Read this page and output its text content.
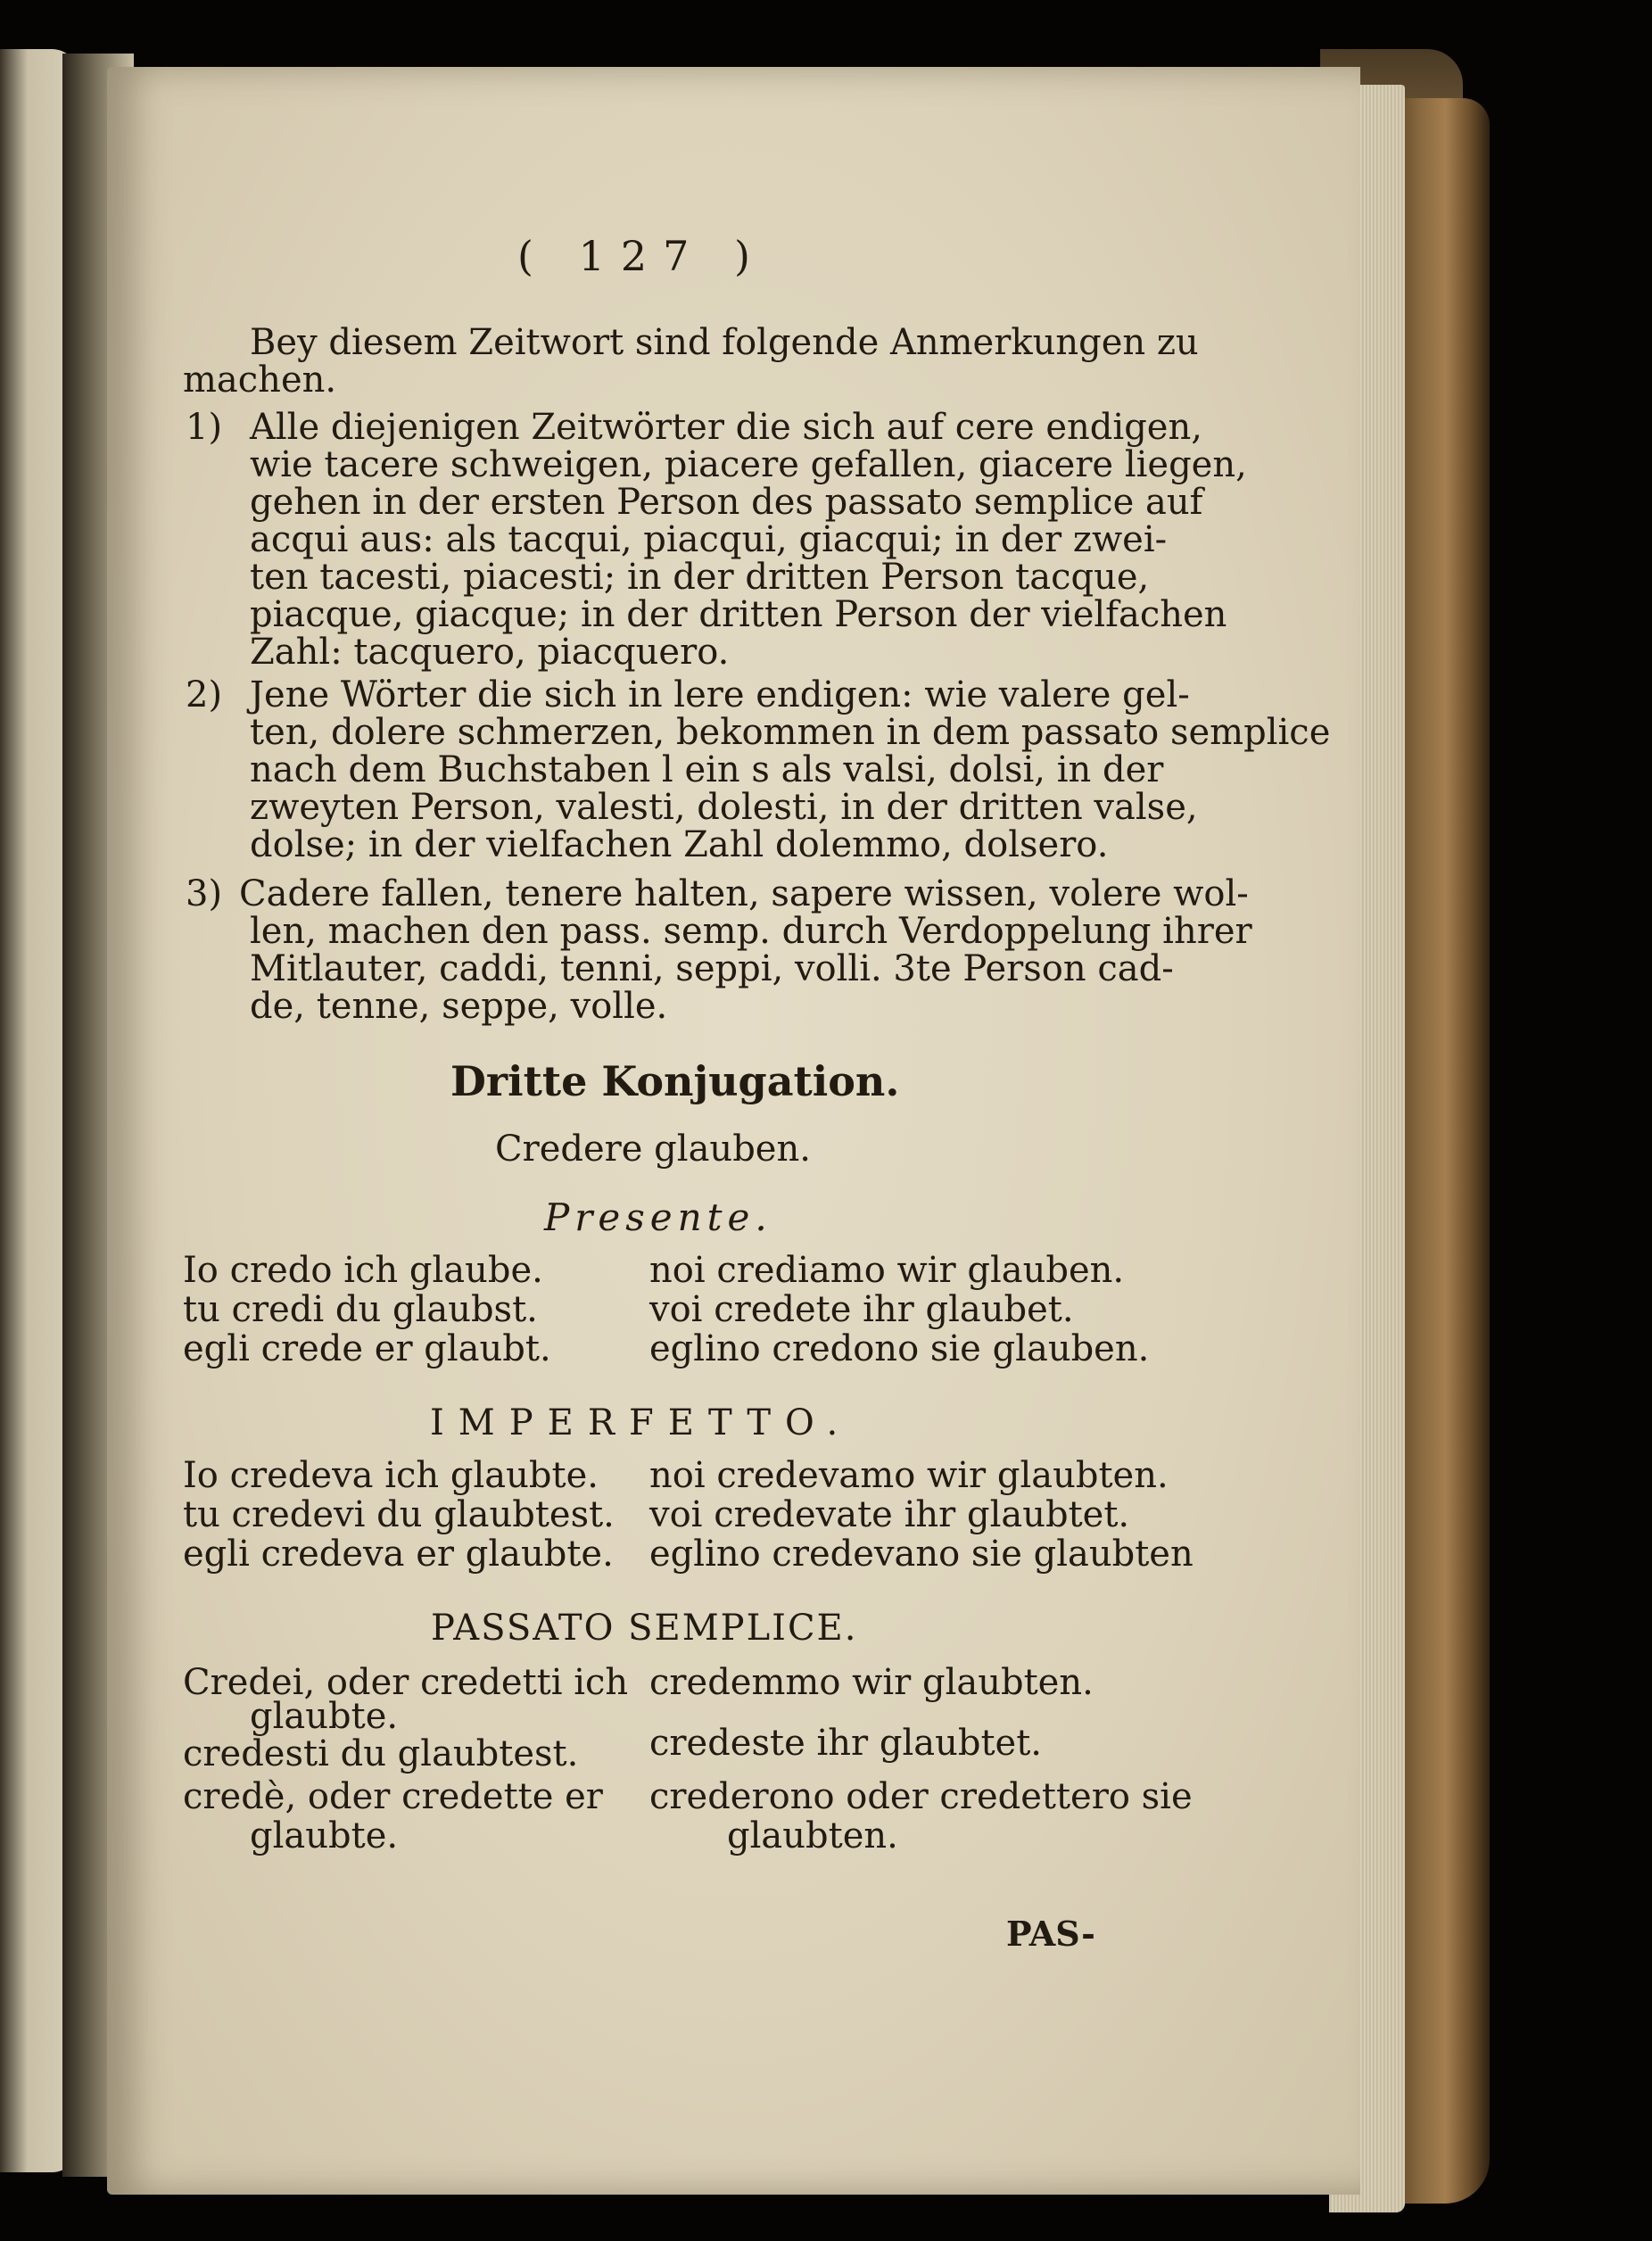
( 127 )
Bey diesem Zeitwort sind folgende Anmerkungen zu
machen.
1) Alle diejenigen Zeitwörter die sich auf cere endigen,
wie tacere schweigen, piacere gefallen, giacere liegen,
gehen in der ersten Person des passato semplice auf
acqui aus: als tacqui, piacqui, giacqui; in der zwei-
ten tacesti, piacesti; in der dritten Person tacque,
piacque, giacque; in der dritten Person der vielfachen
Zahl: tacquero, piacquero.
2) Jene Wörter die sich in lere endigen: wie valere gel-
ten, dolere schmerzen, bekommen in dem passato semplice
nach dem Buchstaben l ein s als valsi, dolsi, in der
zweyten Person, valesti, dolesti, in der dritten valse,
dolse; in der vielfachen Zahl dolemmo, dolsero.
3) Cadere fallen, tenere halten, sapere wissen, volere wol-
len, machen den pass. semp. durch Verdoppelung ihrer
Mitlauter, caddi, tenni, seppi, volli. 3te Person cad-
de, tenne, seppe, volle.
Dritte Konjugation.
Credere glauben.
Presente.
Io credo ich glaube.
tu credi du glaubst.
egli crede er glaubt.
noi crediamo wir glauben.
voi credete ihr glaubet.
eglino credono sie glauben.
IMPERFETTO.
Io credeva ich glaubte.
tu credevi du glaubtest.
egli credeva er glaubte.
noi credevamo wir glaubten.
voi credevate ihr glaubtet.
eglino credevano sie glaubten
PASSATO SEMPLICE.
Credei, oder credetti ich
glaubte.
credesti du glaubtest.
credè, oder credette er
glaubte.
credemmo wir glaubten.
credeste ihr glaubtet.
crederono oder credettero sie
glaubten.
PAS-
